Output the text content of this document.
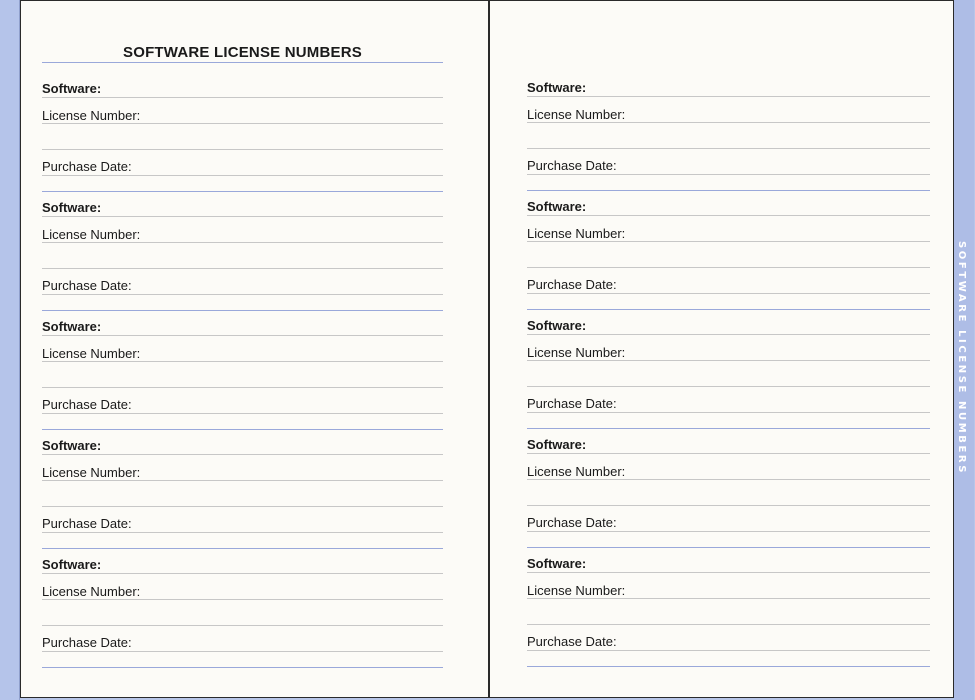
SOFTWARE LICENSE NUMBERS
SOFTWARE LICENSE NUMBERS
Software:
License Number:
Purchase Date:
Software:
License Number:
Purchase Date:
Software:
License Number:
Purchase Date:
Software:
License Number:
Purchase Date:
Software:
License Number:
Purchase Date:
Software:
License Number:
Purchase Date:
Software:
License Number:
Purchase Date:
Software:
License Number:
Purchase Date:
Software:
License Number:
Purchase Date:
Software:
License Number:
Purchase Date:
